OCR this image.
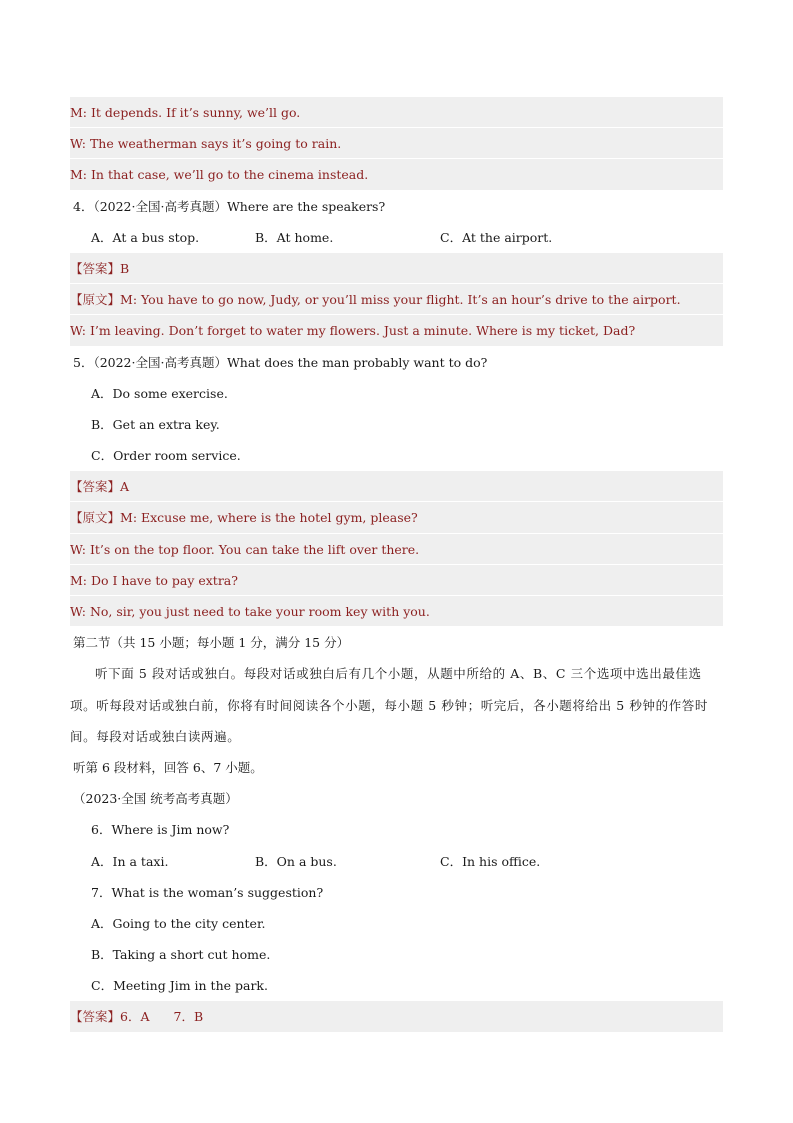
M: It depends. If it’s sunny, we’ll go.
W: The weatherman says it’s going to rain.
M: In that case, we’ll go to the cinema instead.
4．（2022·全国·高考真题）Where are the speakers?
A．At a bus stop.	B．At home.	C．At the airport.
【答案】B
【原文】M: You have to go now, Judy, or you’ll miss your flight. It’s an hour’s drive to the airport.
W: I’m leaving. Don’t forget to water my flowers. Just a minute. Where is my ticket, Dad?
5．（2022·全国·高考真题）What does the man probably want to do?
A．Do some exercise.
B．Get an extra key.
C．Order room service.
【答案】A
【原文】M: Excuse me, where is the hotel gym, please?
W: It’s on the top floor. You can take the lift over there.
M: Do I have to pay extra?
W: No, sir, you just need to take your room key with you.
第二节（共 15 小题；每小题 1 分，满分 15 分）
听下面 5 段对话或独白。每段对话或独白后有几个小题，从题中所给的 A、B、C 三个选项中选出最佳选项。听每段对话或独白前，你将有时间阅读各个小题，每小题 5 秒钟；听完后，各小题将给出 5 秒钟的作答时间。每段对话或独白读两遍。
听第 6 段材料，回答 6、7 小题。
（2023·全国 统考高考真题）
6．Where is Jim now?
A．In a taxi.	B．On a bus.	C．In his office.
7．What is the woman’s suggestion?
A．Going to the city center.
B．Taking a short cut home.
C．Meeting Jim in the park.
【答案】6．A 7．B
